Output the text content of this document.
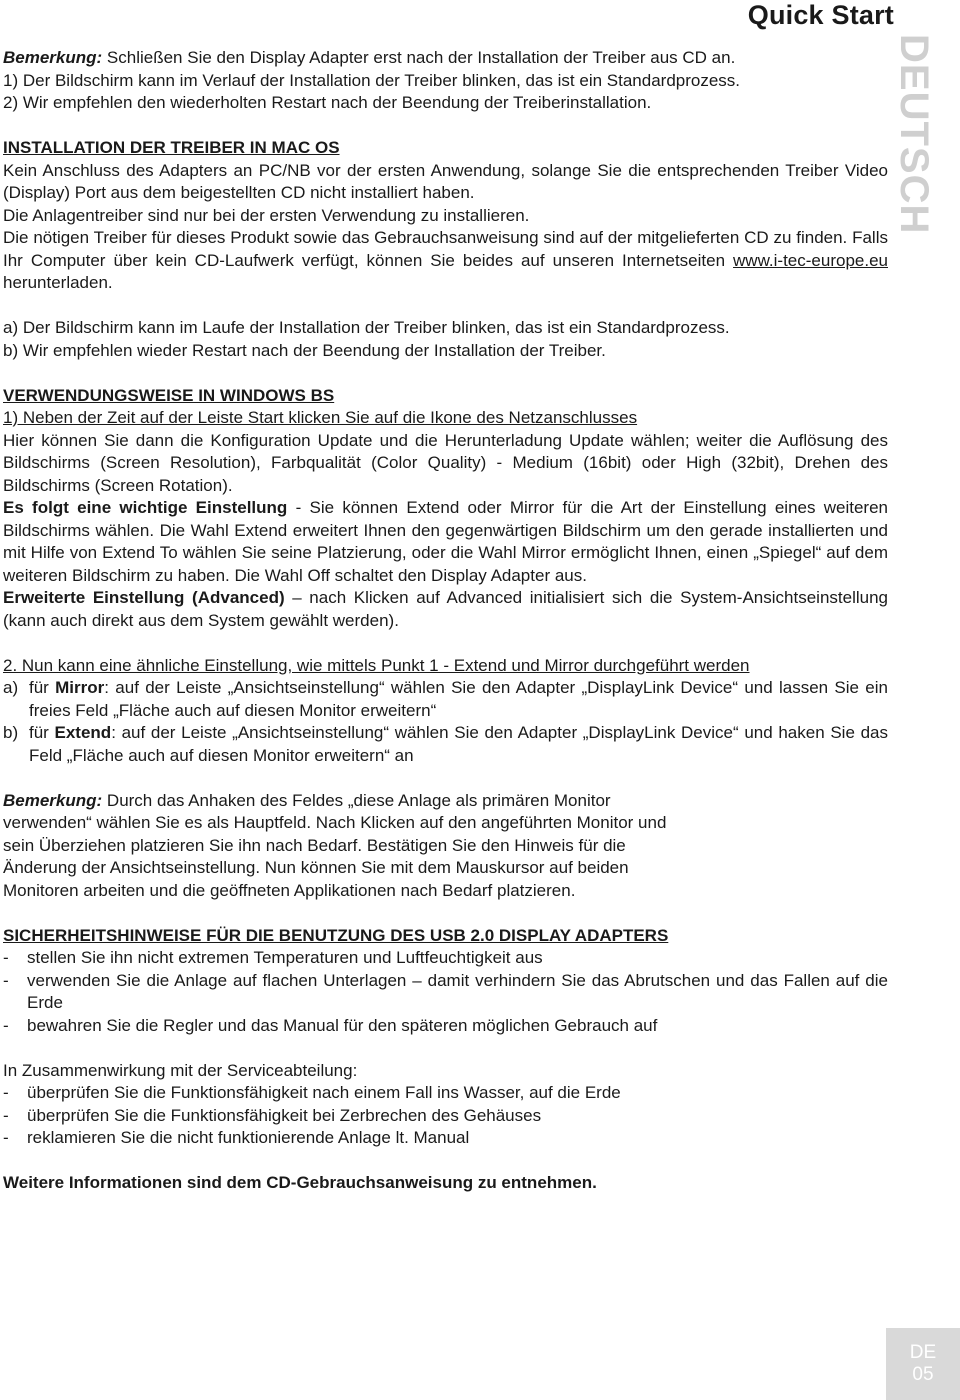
Quick Start
DEUTSCH

Bemerkung: Schließen Sie den Display Adapter erst nach der Installation der Treiber aus CD an.

1) Der Bildschirm kann im Verlauf der Installation der Treiber blinken, das ist ein Standardprozess.

2) Wir empfehlen den wiederholten Restart nach der Beendung der Treiberinstallation.

INSTALLATION DER TREIBER IN MAC OS

Kein Anschluss des Adapters an PC/NB vor der ersten Anwendung, solange Sie die entsprechenden Treiber Video (Display) Port aus dem beigestellten CD nicht installiert haben.

Die Anlagentreiber sind nur bei der ersten Verwendung zu installieren.

Die nötigen Treiber für dieses Produkt sowie das Gebrauchsanweisung sind auf der mitgelieferten CD zu finden. Falls Ihr Computer über kein CD-Laufwerk verfügt, können Sie beides auf unseren Internetseiten www.i-tec-europe.eu herunterladen.

a) Der Bildschirm kann im Laufe der Installation der Treiber blinken, das ist ein Standardprozess.

b) Wir empfehlen wieder Restart nach der Beendung der Installation der Treiber.

VERWENDUNGSWEISE IN WINDOWS BS

1) Neben der Zeit auf der Leiste Start klicken Sie auf die Ikone des Netzanschlusses

Hier können Sie dann die Konfiguration Update und die Herunterladung Update wählen; weiter die Auflösung des Bildschirms (Screen Resolution), Farbqualität (Color Quality) - Medium (16bit) oder High (32bit), Drehen des Bildschirms (Screen Rotation).

Es folgt eine wichtige Einstellung - Sie können Extend oder Mirror für die Art der Einstellung eines weiteren Bildschirms wählen. Die Wahl Extend erweitert Ihnen den gegenwärtigen Bildschirm um den gerade installierten und mit Hilfe von Extend To wählen Sie seine Platzierung, oder die Wahl Mirror ermöglicht Ihnen, einen „Spiegel“ auf dem weiteren Bildschirm zu haben. Die Wahl Off schaltet den Display Adapter aus.

Erweiterte Einstellung (Advanced) – nach Klicken auf Advanced initialisiert sich die System-Ansichtseinstellung (kann auch direkt aus dem System gewählt werden).

2. Nun kann eine ähnliche Einstellung, wie mittels Punkt 1 - Extend und Mirror durchgeführt werden

a) für Mirror: auf der Leiste „Ansichtseinstellung“ wählen Sie den Adapter „DisplayLink Device“ und lassen Sie ein freies Feld „Fläche auch auf diesen Monitor erweitern“
b) für Extend: auf der Leiste „Ansichtseinstellung“ wählen Sie den Adapter „DisplayLink Device“ und haken Sie das Feld „Fläche auch auf diesen Monitor erweitern“ an

Bemerkung: Durch das Anhaken des Feldes „diese Anlage als primären Monitor

verwenden“ wählen Sie es als Hauptfeld. Nach Klicken auf den angeführten Monitor und

sein Überziehen platzieren Sie ihn nach Bedarf. Bestätigen Sie den Hinweis für die

Änderung der Ansichtseinstellung. Nun können Sie mit dem Mauskursor auf beiden

Monitoren arbeiten und die geöffneten Applikationen nach Bedarf platzieren.

SICHERHEITSHINWEISE FÜR DIE BENUTZUNG DES USB 2.0 DISPLAY ADAPTERS

-	stellen Sie ihn nicht extremen Temperaturen und Luftfeuchtigkeit aus
-	verwenden Sie die Anlage auf flachen Unterlagen – damit verhindern Sie das Abrutschen und das Fallen auf die Erde
-	bewahren Sie die Regler und das Manual für den späteren möglichen Gebrauch auf

In Zusammenwirkung mit der Serviceabteilung:

-	überprüfen Sie die Funktionsfähigkeit nach einem Fall ins Wasser, auf die Erde
-	überprüfen Sie die Funktionsfähigkeit bei Zerbrechen des Gehäuses
-	reklamieren Sie die nicht funktionierende Anlage lt. Manual

Weitere Informationen sind dem CD-Gebrauchsanweisung zu entnehmen.

DE
05
